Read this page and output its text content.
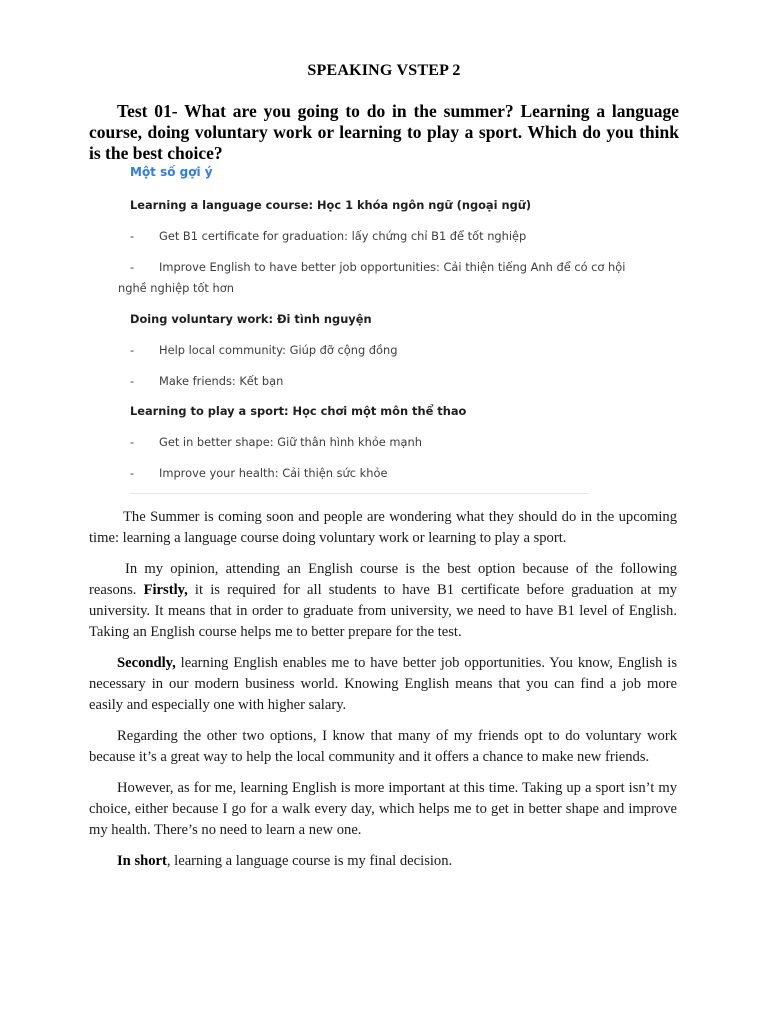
SPEAKING VSTEP 2
Test 01- What are you going to do in the summer? Learning a language course, doing voluntary work or learning to play a sport. Which do you think is the best choice?
Một số gợi ý
Learning a language course: Học 1 khóa ngôn ngữ (ngoại ngữ)
- Get B1 certificate for graduation: lấy chứng chỉ B1 để tốt nghiệp
- Improve English to have better job opportunities: Cải thiện tiếng Anh để có cơ hội
nghề nghiệp tốt hơn
Doing voluntary work: Đi tình nguyện
- Help local community: Giúp đỡ cộng đồng
- Make friends: Kết bạn
Learning to play a sport: Học chơi một môn thể thao
- Get in better shape: Giữ thân hình khỏe mạnh
- Improve your health: Cải thiện sức khỏe

The Summer is coming soon and people are wondering what they should do in the upcoming time: learning a language course doing voluntary work or learning to play a sport.

In my opinion, attending an English course is the best option because of the following reasons. Firstly, it is required for all students to have B1 certificate before graduation at my university. It means that in order to graduate from university, we need to have B1 level of English. Taking an English course helps me to better prepare for the test.

Secondly, learning English enables me to have better job opportunities. You know, English is necessary in our modern business world. Knowing English means that you can find a job more easily and especially one with higher salary.

Regarding the other two options, I know that many of my friends opt to do voluntary work because it’s a great way to help the local community and it offers a chance to make new friends.

However, as for me, learning English is more important at this time. Taking up a sport isn’t my choice, either because I go for a walk every day, which helps me to get in better shape and improve my health. There’s no need to learn a new one.

In short, learning a language course is my final decision.
